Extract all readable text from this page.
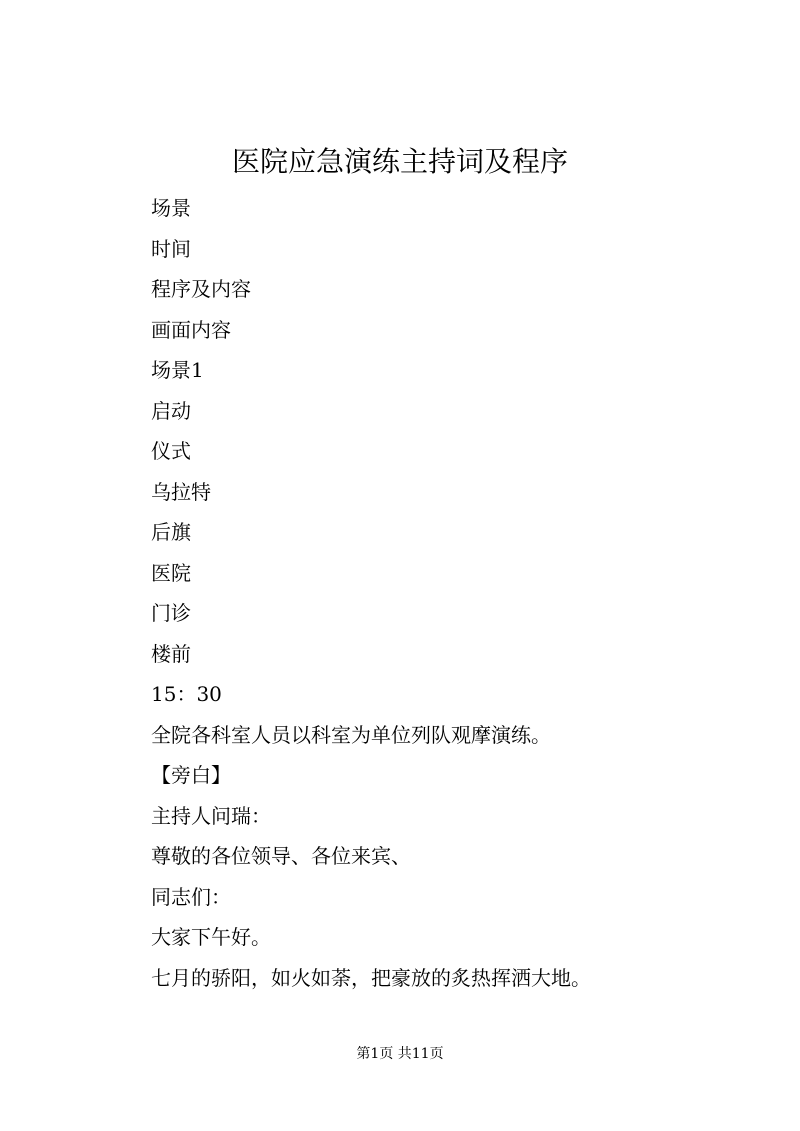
医院应急演练主持词及程序
场景
时间
程序及内容
画面内容
场景1
启动
仪式
乌拉特
后旗
医院
门诊
楼前
15：30
全院各科室人员以科室为单位列队观摩演练。
【旁白】
主持人问瑞：
尊敬的各位领导、各位来宾、
同志们：
大家下午好。
七月的骄阳，如火如荼，把豪放的炙热挥洒大地。
第1页 共11页
